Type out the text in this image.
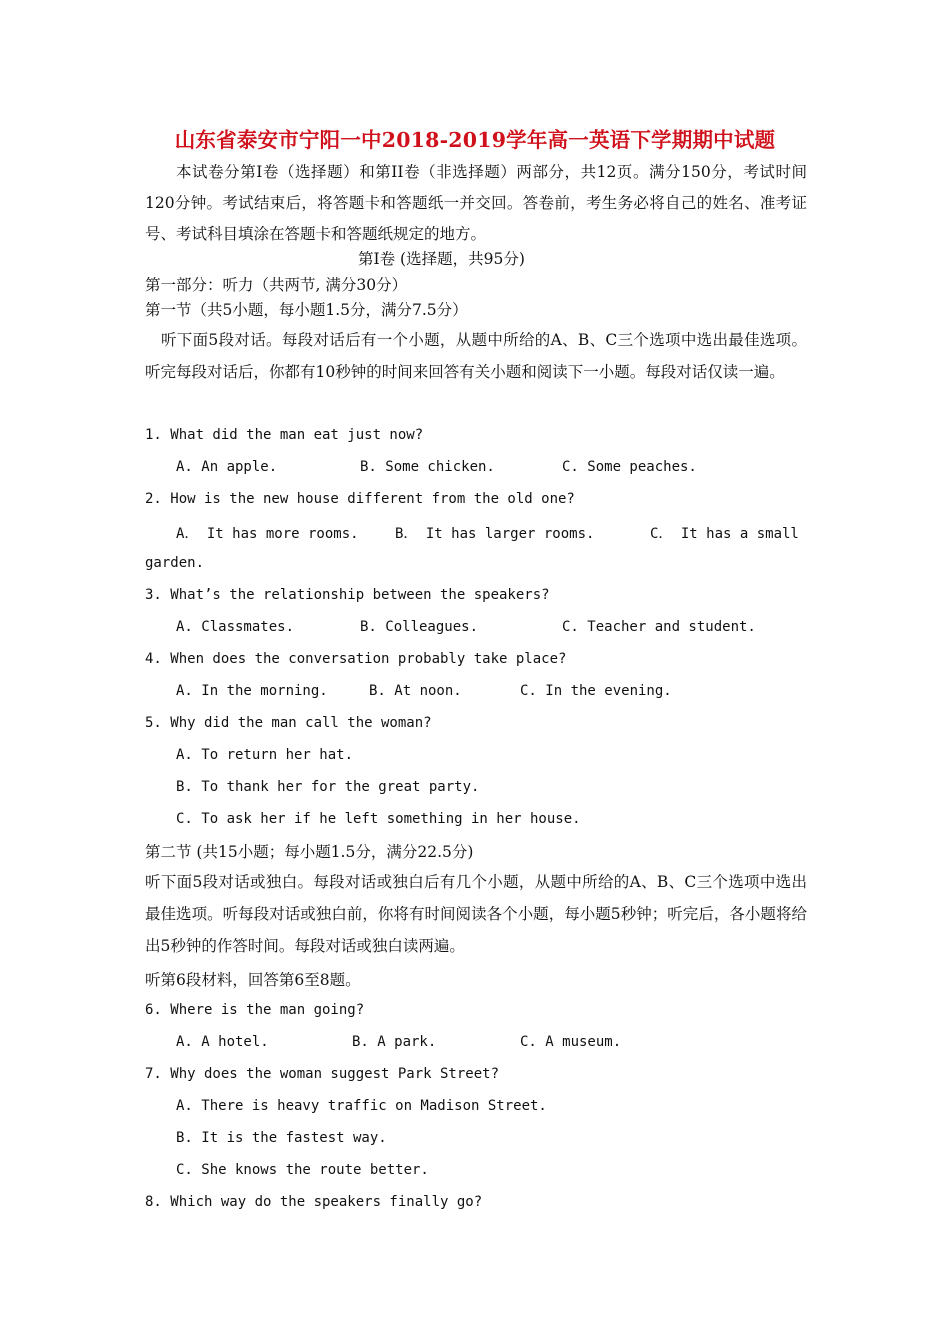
山东省泰安市宁阳一中2018-2019学年高一英语下学期期中试题
本试卷分第I卷（选择题）和第II卷（非选择题）两部分，共12页。满分150分，考试时间120分钟。考试结束后，将答题卡和答题纸一并交回。答卷前，考生务必将自己的姓名、准考证号、考试科目填涂在答题卡和答题纸规定的地方。
第I卷 (选择题，共95分)
第一部分：听力（共两节, 满分30分）
第一节（共5小题，每小题1.5分，满分7.5分）
听下面5段对话。每段对话后有一个小题，从题中所给的A、B、C三个选项中选出最佳选项。听完每段对话后，你都有10秒钟的时间来回答有关小题和阅读下一小题。每段对话仅读一遍。
1. What did the man eat just now?
A. An apple.	B. Some chicken.	C. Some peaches.
2. How is the new house different from the old one?
A． It has more rooms.	B． It has larger rooms.	C． It has a small
garden.
3. What’s the relationship between the speakers?
A. Classmates.	B. Colleagues.	C. Teacher and student.
4. When does the conversation probably take place?
A. In the morning.	B. At noon.	C. In the evening.
5. Why did the man call the woman?
A. To return her hat.
B. To thank her for the great party.
C. To ask her if he left something in her house.
第二节 (共15小题；每小题1.5分，满分22.5分)
听下面5段对话或独白。每段对话或独白后有几个小题，从题中所给的A、B、C三个选项中选出最佳选项。听每段对话或独白前，你将有时间阅读各个小题，每小题5秒钟；听完后，各小题将给出5秒钟的作答时间。每段对话或独白读两遍。
听第6段材料，回答第6至8题。
6. Where is the man going?
A. A hotel.	B. A park.	C. A museum.
7. Why does the woman suggest Park Street?
A. There is heavy traffic on Madison Street.
B. It is the fastest way.
C. She knows the route better.
8. Which way do the speakers finally go?
